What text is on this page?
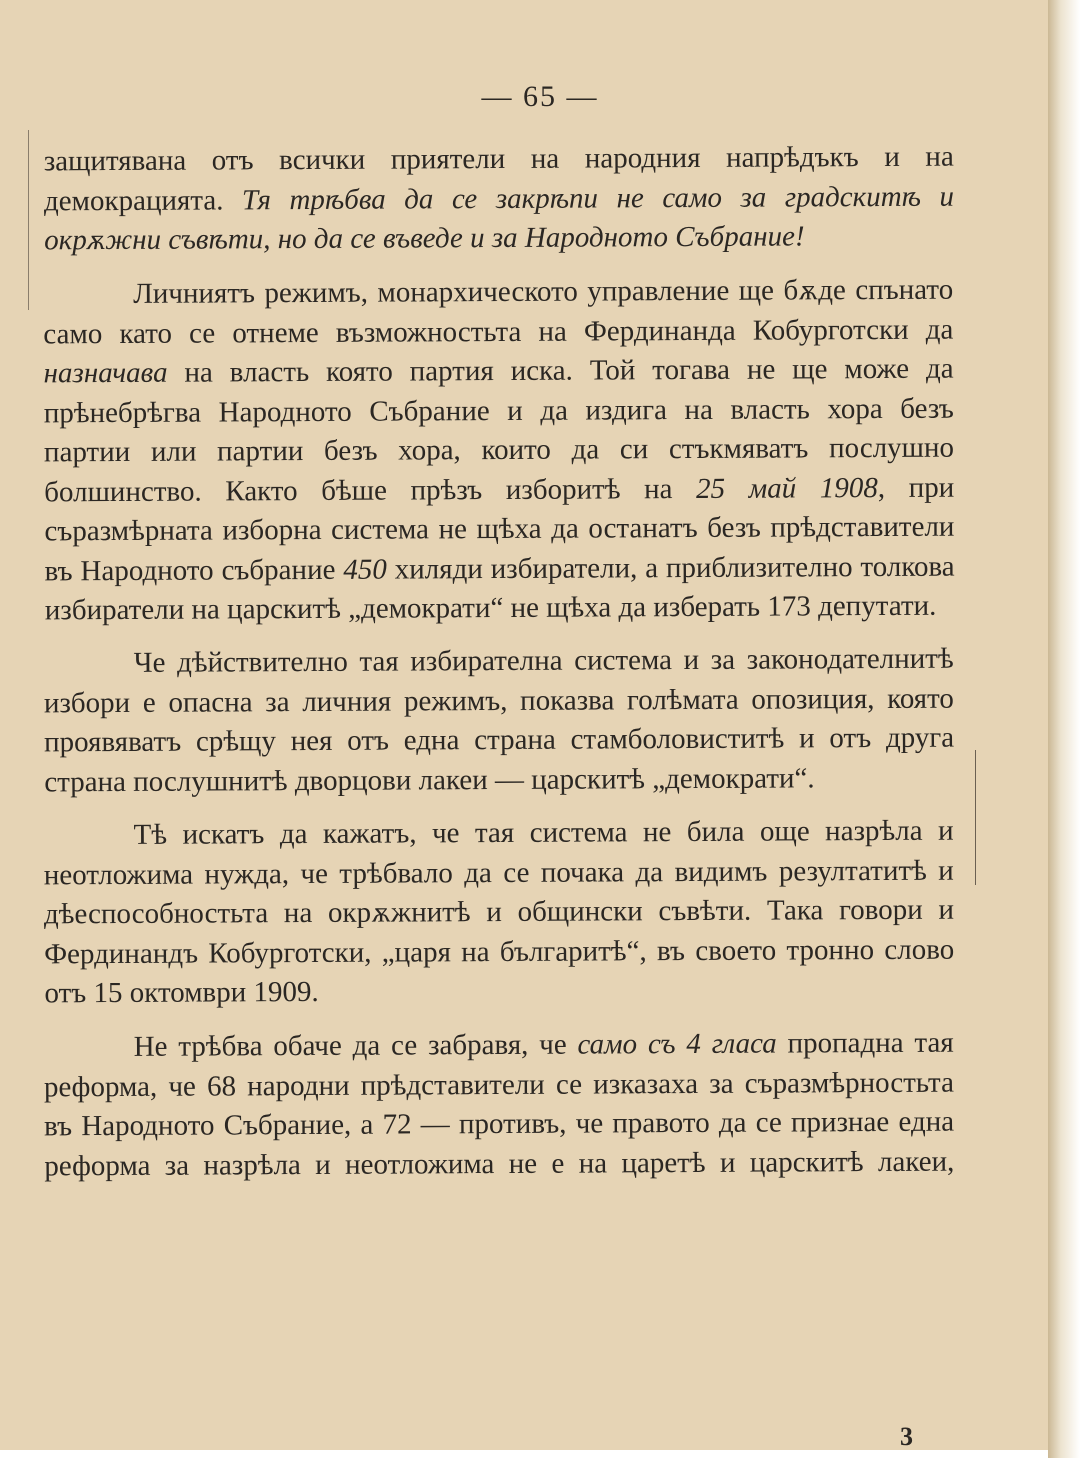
— 65 —

защитявана отъ всички приятели на народния напрѣдъкъ и на демокрацията. Тя трѣбва да се закрѣпи не само за градскитѣ и окрѫжни съвѣти, но да се въведе и за Народното Събрание!

Личниятъ режимъ, монархическото управление ще бѫде спънато само като се отнеме възможностьта на Фердинанда Кобурготски да назначава на власть която партия иска. Той тогава не ще може да прѣнебрѣгва Народното Събрание и да издига на власть хора безъ партии или партии безъ хора, които да си стъкмяватъ послушно болшинство. Както бѣше прѣзъ изборитѣ на 25 май 1908, при съразмѣрната изборна система не щѣха да останатъ безъ прѣдставители въ Народното събрание 450 хиляди избиратели, а приблизително толкова избиратели на царскитѣ „демократи“ не щѣха да изберать 173 депутати.

Че дѣйствително тая избирателна система и за законодателнитѣ избори е опасна за личния режимъ, показва голѣмата опозиция, която проявяватъ срѣщу нея отъ една страна стамболовиститѣ и отъ друга страна послушнитѣ дворцови лакеи — царскитѣ „демократи“.

Тѣ искатъ да кажатъ, че тая система не била още назрѣла и неотложима нужда, че трѣбвало да се почака да видимъ резултатитѣ и дѣеспособностьта на окрѫжнитѣ и общински съвѣти. Така говори и Фердинандъ Кобурготски, „царя на българитѣ“, въ своето тронно слово отъ 15 октомври 1909.

Не трѣбва обаче да се забравя, че само съ 4 гласа пропадна тая реформа, че 68 народни прѣдставители се изказаха за съразмѣрностьта въ Народното Събрание, а 72 — противъ, че правото да се признае една реформа за назрѣла и неотложима не е на царетѣ и царскитѣ лакеи,

3
